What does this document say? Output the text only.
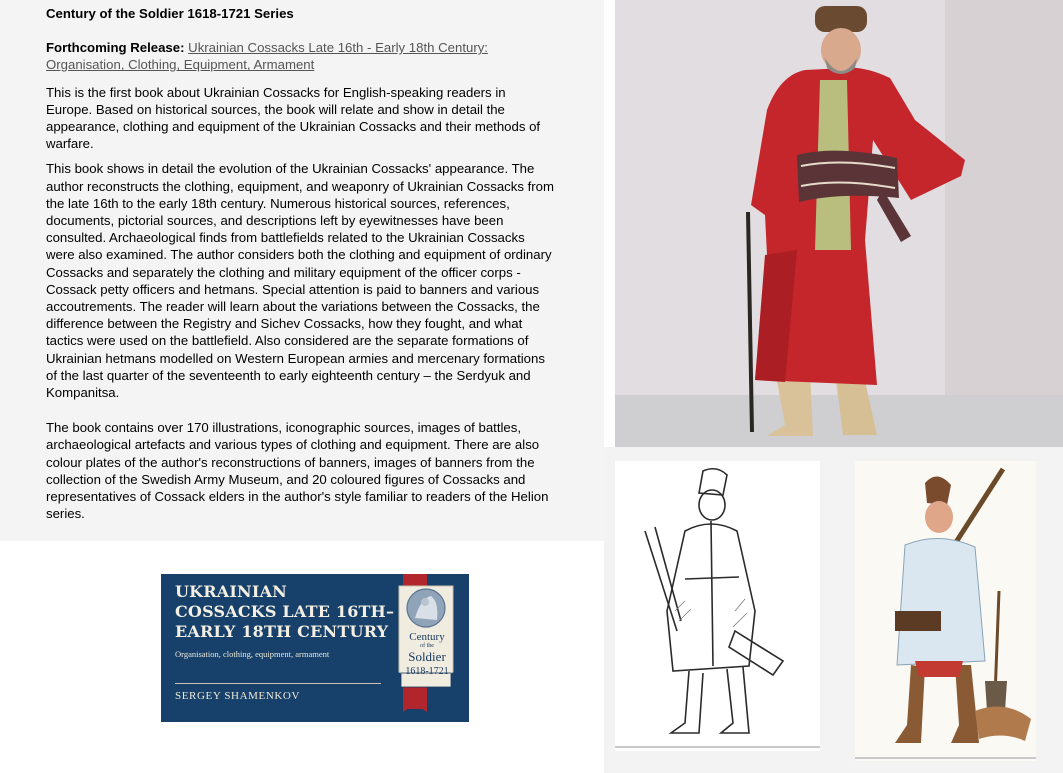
Century of the Soldier 1618-1721 Series
Forthcoming Release: Ukrainian Cossacks Late 16th - Early 18th Century: Organisation, Clothing, Equipment, Armament

This is the first book about Ukrainian Cossacks for English-speaking readers in Europe. Based on historical sources, the book will relate and show in detail the appearance, clothing and equipment of the Ukrainian Cossacks and their methods of warfare.

This book shows in detail the evolution of the Ukrainian Cossacks' appearance. The author reconstructs the clothing, equipment, and weaponry of Ukrainian Cossacks from the late 16th to the early 18th century. Numerous historical sources, references, documents, pictorial sources, and descriptions left by eyewitnesses have been consulted. Archaeological finds from battlefields related to the Ukrainian Cossacks were also examined. The author considers both the clothing and equipment of ordinary Cossacks and separately the clothing and military equipment of the officer corps - Cossack petty officers and hetmans. Special attention is paid to banners and various accoutrements. The reader will learn about the variations between the Cossacks, the difference between the Registry and Sichev Cossacks, how they fought, and what tactics were used on the battlefield. Also considered are the separate formations of Ukrainian hetmans modelled on Western European armies and mercenary formations of the last quarter of the seventeenth to early eighteenth century – the Serdyuk and Kompanitsa.

The book contains over 170 illustrations, iconographic sources, images of battles, archaeological artefacts and various types of clothing and equipment. There are also colour plates of the author's reconstructions of banners, images of banners from the collection of the Swedish Army Museum, and 20 coloured figures of Cossacks and representatives of Cossack elders in the author's style familiar to readers of the Helion series.

UKRAINIAN
COSSACKS LATE 16TH–
EARLY 18TH CENTURY
Organisation, clothing, equipment, armament
SERGEY SHAMENKOV
Century
of the
Soldier
1618-1721
